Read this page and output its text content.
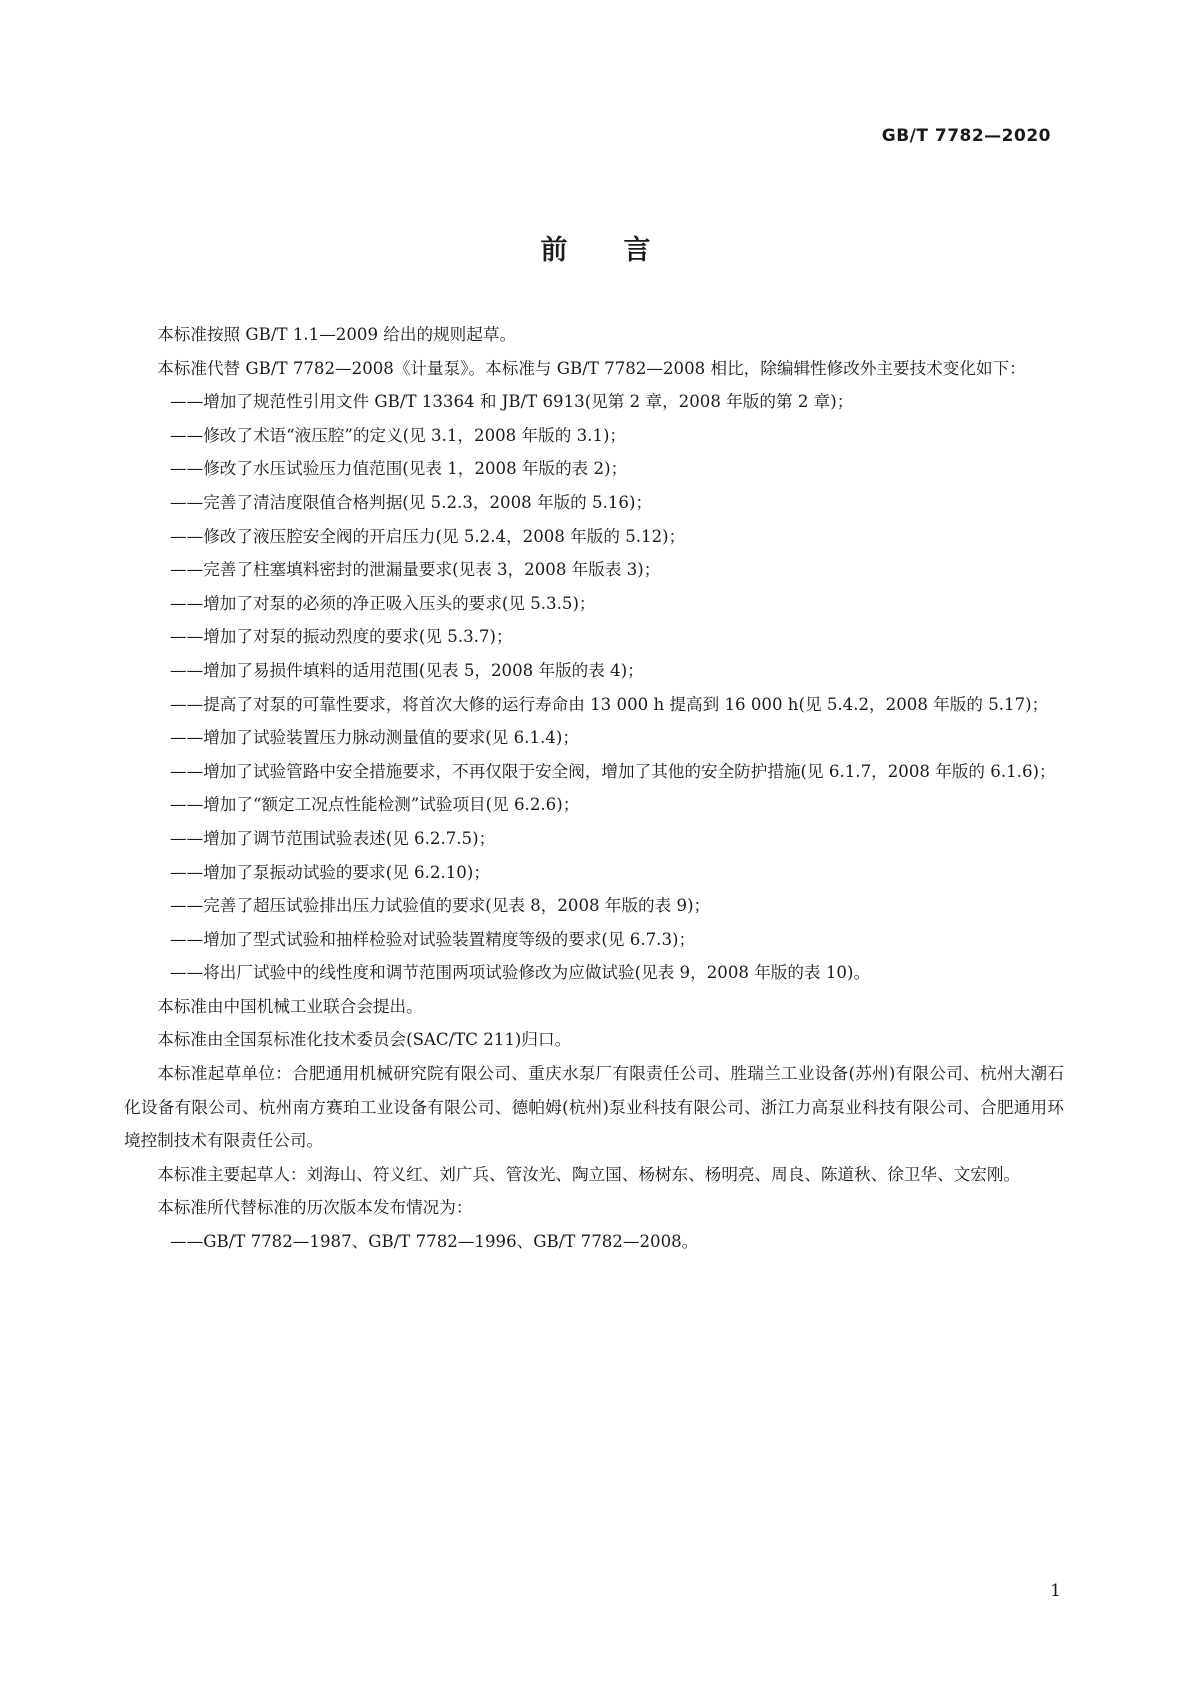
GB/T 7782—2020
前言

本标准按照 GB/T 1.1—2009 给出的规则起草。

本标准代替 GB/T 7782—2008《计量泵》。本标准与 GB/T 7782—2008 相比，除编辑性修改外主要技术变化如下：

——增加了规范性引用文件 GB/T 13364 和 JB/T 6913(见第 2 章，2008 年版的第 2 章)；

——修改了术语“液压腔”的定义(见 3.1，2008 年版的 3.1)；

——修改了水压试验压力值范围(见表 1，2008 年版的表 2)；

——完善了清洁度限值合格判据(见 5.2.3，2008 年版的 5.16)；

——修改了液压腔安全阀的开启压力(见 5.2.4，2008 年版的 5.12)；

——完善了柱塞填料密封的泄漏量要求(见表 3，2008 年版表 3)；

——增加了对泵的必须的净正吸入压头的要求(见 5.3.5)；

——增加了对泵的振动烈度的要求(见 5.3.7)；

——增加了易损件填料的适用范围(见表 5，2008 年版的表 4)；

——提高了对泵的可靠性要求，将首次大修的运行寿命由 13 000 h 提高到 16 000 h(见 5.4.2，2008 年版的 5.17)；

——增加了试验装置压力脉动测量值的要求(见 6.1.4)；

——增加了试验管路中安全措施要求，不再仅限于安全阀，增加了其他的安全防护措施(见 6.1.7，2008 年版的 6.1.6)；

——增加了“额定工况点性能检测”试验项目(见 6.2.6)；

——增加了调节范围试验表述(见 6.2.7.5)；

——增加了泵振动试验的要求(见 6.2.10)；

——完善了超压试验排出压力试验值的要求(见表 8，2008 年版的表 9)；

——增加了型式试验和抽样检验对试验装置精度等级的要求(见 6.7.3)；

——将出厂试验中的线性度和调节范围两项试验修改为应做试验(见表 9，2008 年版的表 10)。

本标准由中国机械工业联合会提出。

本标准由全国泵标准化技术委员会(SAC/TC 211)归口。

本标准起草单位：合肥通用机械研究院有限公司、重庆水泵厂有限责任公司、胜瑞兰工业设备(苏州)有限公司、杭州大潮石化设备有限公司、杭州南方赛珀工业设备有限公司、德帕姆(杭州)泵业科技有限公司、浙江力高泵业科技有限公司、合肥通用环境控制技术有限责任公司。

本标准主要起草人：刘海山、符义红、刘广兵、管汝光、陶立国、杨树东、杨明亮、周良、陈道秋、徐卫华、文宏刚。

本标准所代替标准的历次版本发布情况为：

——GB/T 7782—1987、GB/T 7782—1996、GB/T 7782—2008。

1
